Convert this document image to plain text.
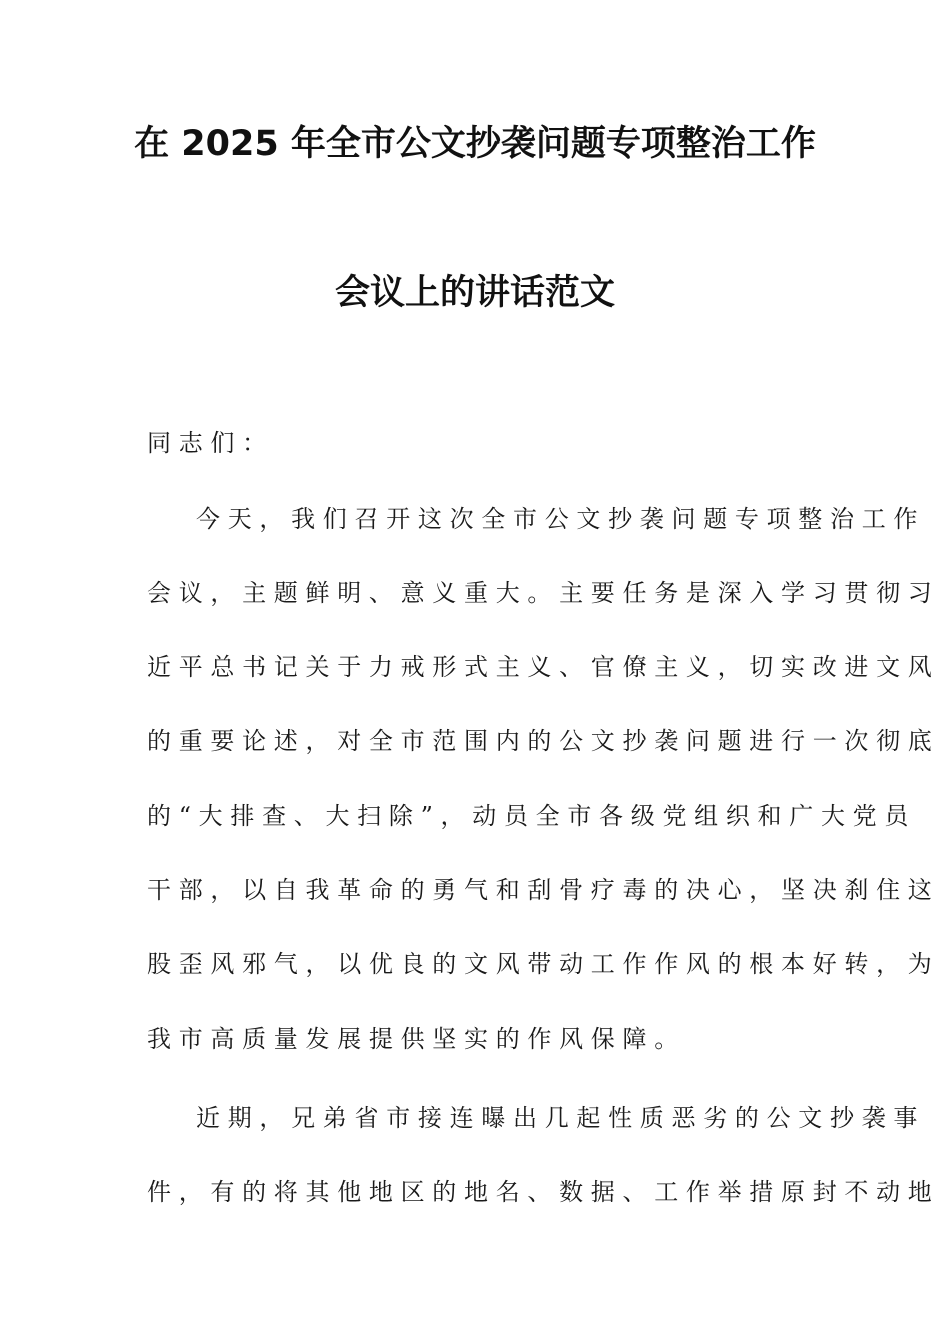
在 2025 年全市公文抄袭问题专项整治工作
会议上的讲话范文
同志们：
今天，我们召开这次全市公文抄袭问题专项整治工作
会议，主题鲜明、意义重大。主要任务是深入学习贯彻习
近平总书记关于力戒形式主义、官僚主义，切实改进文风
的重要论述，对全市范围内的公文抄袭问题进行一次彻底
的“大排查、大扫除”，动员全市各级党组织和广大党员
干部，以自我革命的勇气和刮骨疗毒的决心，坚决刹住这
股歪风邪气，以优良的文风带动工作作风的根本好转，为
我市高质量发展提供坚实的作风保障。
近期，兄弟省市接连曝出几起性质恶劣的公文抄袭事
件，有的将其他地区的地名、数据、工作举措原封不动地
